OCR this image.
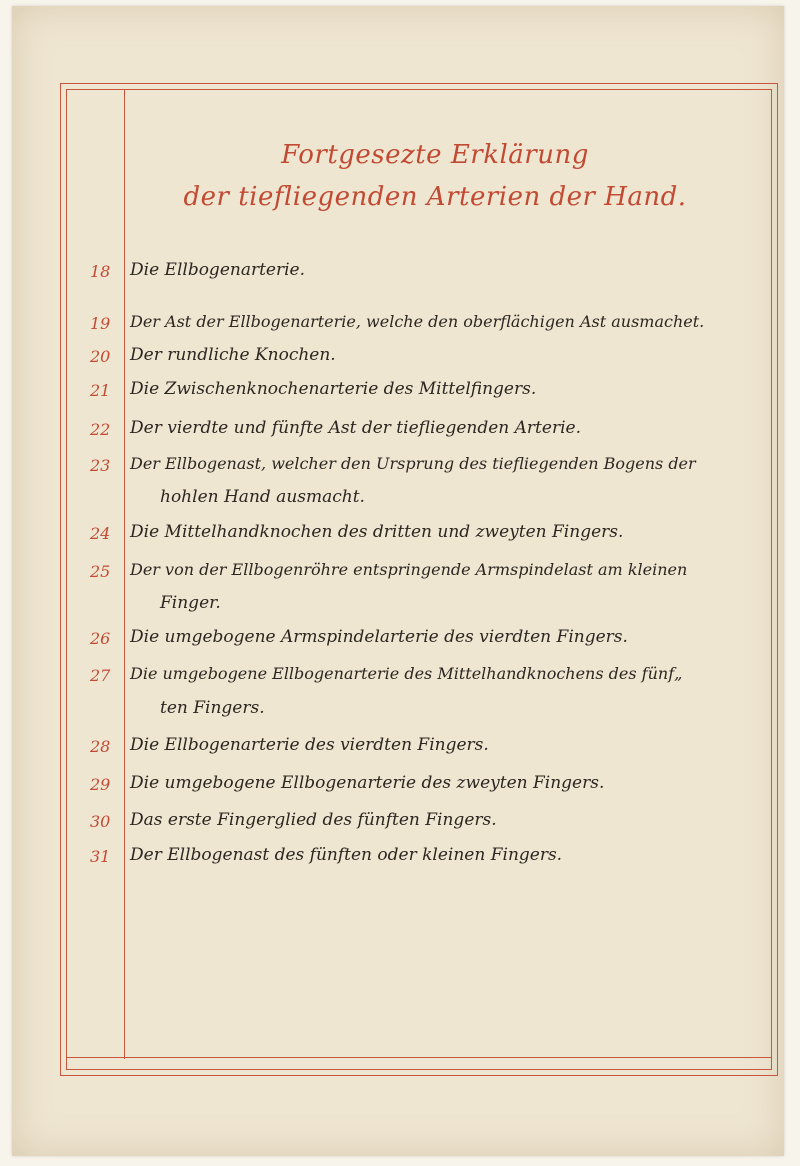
Fortgesezte Erklärung
der tiefliegenden Arterien der Hand.
18	Die Ellbogenarterie.
19	Der Ast der Ellbogenarterie, welche den oberflächigen Ast ausmachet.
20	Der rundliche Knochen.
21	Die Zwischenknochenarterie des Mittelfingers.
22	Der vierdte und fünfte Ast der tiefliegenden Arterie.
23	Der Ellbogenast, welcher den Ursprung des tiefliegenden Bogens der
hohlen Hand ausmacht.
24	Die Mittelhandknochen des dritten und zweyten Fingers.
25	Der von der Ellbogenröhre entspringende Armspindelast am kleinen
Finger.
26	Die umgebogene Armspindelarterie des vierdten Fingers.
27	Die umgebogene Ellbogenarterie des Mittelhandknochens des fünf„
ten Fingers.
28	Die Ellbogenarterie des vierdten Fingers.
29	Die umgebogene Ellbogenarterie des zweyten Fingers.
30	Das erste Fingerglied des fünften Fingers.
31	Der Ellbogenast des fünften oder kleinen Fingers.
